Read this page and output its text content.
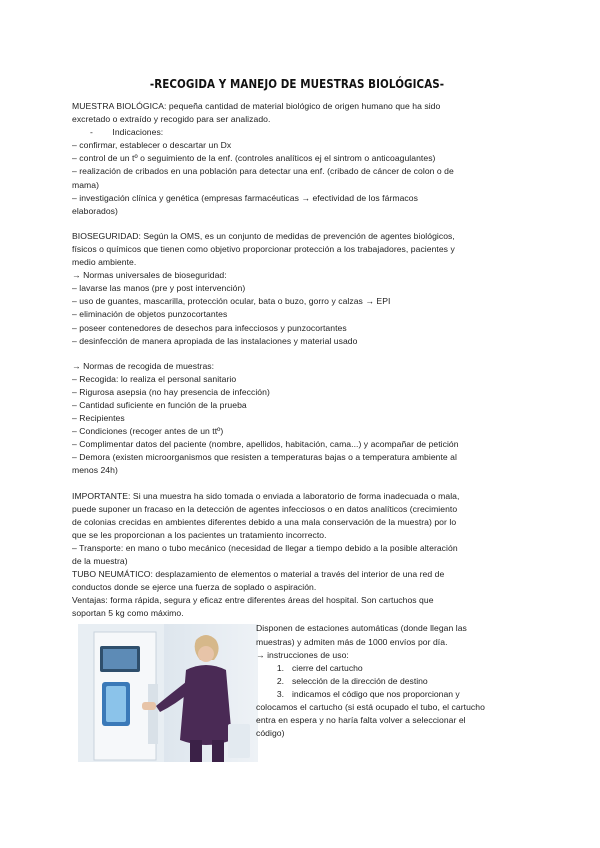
-RECOGIDA Y MANEJO DE MUESTRAS BIOLÓGICAS-

MUESTRA BIOLÓGICA: pequeña cantidad de material biológico de origen humano que ha sido

excretado o extraído y recogido para ser analizado.

-        Indicaciones:

– confirmar, establecer o descartar un Dx

– control de un tº o seguimiento de la enf. (controles analíticos ej el sintrom o anticoagulantes)

– realización de cribados en una población para detectar una enf. (cribado de cáncer de colon o de

mama)

– investigación clínica y genética (empresas farmacéuticas → efectividad de los fármacos

elaborados)

BIOSEGURIDAD: Según la OMS, es un conjunto de medidas de prevención de agentes biológicos,

físicos o químicos que tienen como objetivo proporcionar protección a los trabajadores, pacientes y

medio ambiente.

→ Normas universales de bioseguridad:

– lavarse las manos (pre y post intervención)

– uso de guantes, mascarilla, protección ocular, bata o buzo, gorro y calzas → EPI

– eliminación de objetos punzocortantes

– poseer contenedores de desechos para infecciosos y punzocortantes

– desinfección de manera apropiada de las instalaciones y material usado

→ Normas de recogida de muestras:

– Recogida: lo realiza el personal sanitario

– Rigurosa asepsia (no hay presencia de infección)

– Cantidad suficiente en función de la prueba

– Recipientes

– Condiciones (recoger antes de un ttº)

– Complimentar datos del paciente (nombre, apellidos, habitación, cama...) y acompañar de petición

– Demora (existen microorganismos que resisten a temperaturas bajas o a temperatura ambiente al

menos 24h)

IMPORTANTE: Si una muestra ha sido tomada o enviada a laboratorio de forma inadecuada o mala,

puede suponer un fracaso en la detección de agentes infecciosos o en datos analíticos (crecimiento

de colonias crecidas en ambientes diferentes debido a una mala conservación de la muestra) por lo

que se les proporcionan a los pacientes un tratamiento incorrecto.

– Transporte: en mano o tubo mecánico (necesidad de llegar a tiempo debido a la posible alteración

de la muestra)

TUBO NEUMÁTICO: desplazamiento de elementos o material a través del interior de una red de

conductos donde se ejerce una fuerza de soplado o aspiración.

Ventajas: forma rápida, segura y eficaz entre diferentes áreas del hospital. Son cartuchos que

soportan 5 kg como máximo.

Disponen de estaciones automáticas (donde llegan las

muestras) y admiten más de 1000 envíos por día.

→ instrucciones de uso:

1. cierre del cartucho
2. selección de la dirección de destino
3. indicamos el código que nos proporcionan y

colocamos el cartucho (si está ocupado el tubo, el cartucho

entra en espera y no haría falta volver a seleccionar el

código)
